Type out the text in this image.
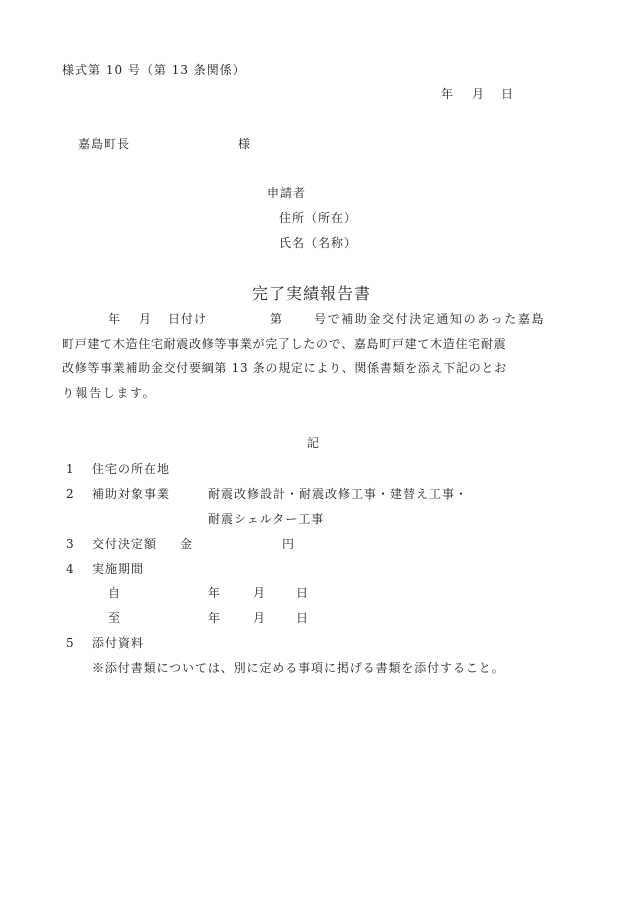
様式第 10 号（第 13 条関係）
年 月 日
嘉島町長	様
申請者
住所（所在）
氏名（名称）
完了実績報告書
年 月 日付け	第	号で補助金交付決定通知のあった嘉島
町戸建て木造住宅耐震改修等事業が完了したので、嘉島町戸建て木造住宅耐震
改修等事業補助金交付要綱第 13 条の規定により、関係書類を添え下記のとお
り報告します。
記
1 住宅の所在地
2 補助対象事業	耐震改修設計・耐震改修工事・建替え工事・
耐震シェルター工事
3 交付決定額 金	円
4 実施期間
自	年	月	日
至	年	月	日
5 添付資料
※添付書類については、別に定める事項に掲げる書類を添付すること。
